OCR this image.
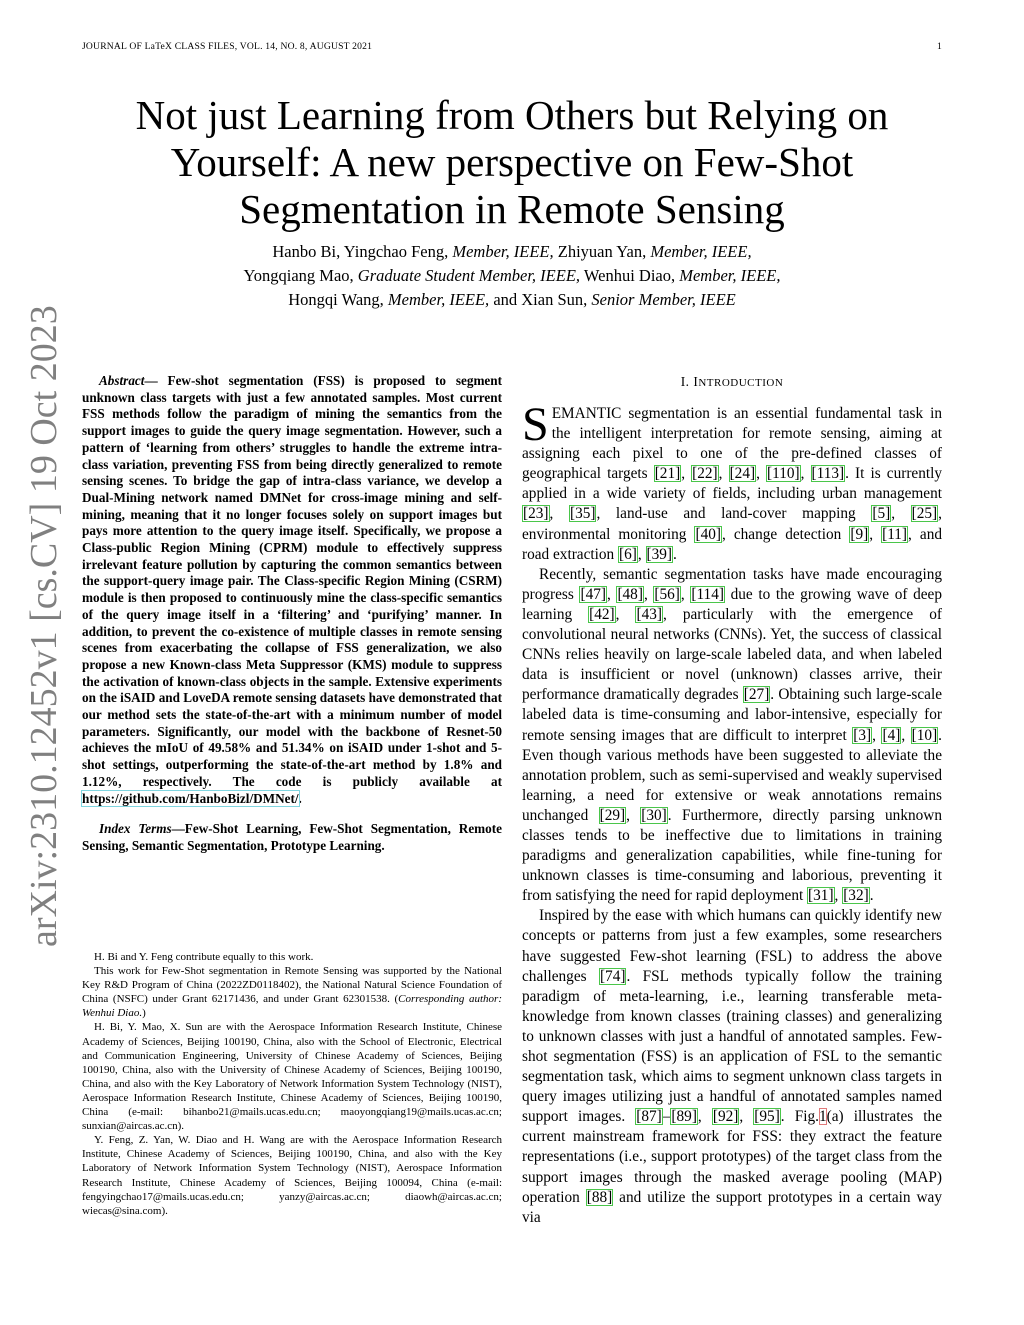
JOURNAL OF LaTeX CLASS FILES, VOL. 14, NO. 8, AUGUST 2021	1
Not just Learning from Others but Relying on
Yourself: A new perspective on Few-Shot
Segmentation in Remote Sensing
Hanbo Bi, Yingchao Feng, Member, IEEE, Zhiyuan Yan, Member, IEEE,
Yongqiang Mao, Graduate Student Member, IEEE, Wenhui Diao, Member, IEEE,
Hongqi Wang, Member, IEEE, and Xian Sun, Senior Member, IEEE
arXiv:2310.12452v1 [cs.CV] 19 Oct 2023	Abstract— Few-shot segmentation (FSS) is proposed to segment unknown class targets with just a few annotated samples. Most current FSS methods follow the paradigm of mining the semantics from the support images to guide the query image segmentation. However, such a pattern of ‘learning from others’ struggles to handle the extreme intra-class variation, preventing FSS from being directly generalized to remote sensing scenes. To bridge the gap of intra-class variance, we develop a Dual-Mining network named DMNet for cross-image mining and self-mining, meaning that it no longer focuses solely on support images but pays more attention to the query image itself. Specifically, we propose a Class-public Region Mining (CPRM) module to effectively suppress irrelevant feature pollution by capturing the common semantics between the support-query image pair. The Class-specific Region Mining (CSRM) module is then proposed to continuously mine the class-specific semantics of the query image itself in a ‘filtering’ and ‘purifying’ manner. In addition, to prevent the co-existence of multiple classes in remote sensing scenes from exacerbating the collapse of FSS generalization, we also propose a new Known-class Meta Suppressor (KMS) module to suppress the activation of known-class objects in the sample. Extensive experiments on the iSAID and LoveDA remote sensing datasets have demonstrated that our method sets the state-of-the-art with a minimum number of model parameters. Significantly, our model with the backbone of Resnet-50 achieves the mIoU of 49.58% and 51.34% on iSAID under 1-shot and 5-shot settings, outperforming the state-of-the-art method by 1.8% and 1.12%, respectively. The code is publicly available at https://github.com/HanboBizl/DMNet/.

Index Terms—Few-Shot Learning, Few-Shot Segmentation, Remote Sensing, Semantic Segmentation, Prototype Learning.

H. Bi and Y. Feng contribute equally to this work.

This work for Few-Shot segmentation in Remote Sensing was supported by the National Key R&D Program of China (2022ZD0118402), the National Natural Science Foundation of China (NSFC) under Grant 62171436, and under Grant 62301538. (Corresponding author: Wenhui Diao.)

H. Bi, Y. Mao, X. Sun are with the Aerospace Information Research Institute, Chinese Academy of Sciences, Beijing 100190, China, also with the School of Electronic, Electrical and Communication Engineering, University of Chinese Academy of Sciences, Beijing 100190, China, also with the University of Chinese Academy of Sciences, Beijing 100190, China, and also with the Key Laboratory of Network Information System Technology (NIST), Aerospace Information Research Institute, Chinese Academy of Sciences, Beijing 100190, China (e-mail: bihanbo21@mails.ucas.edu.cn; maoyongqiang19@mails.ucas.ac.cn; sunxian@aircas.ac.cn).

Y. Feng, Z. Yan, W. Diao and H. Wang are with the Aerospace Information Research Institute, Chinese Academy of Sciences, Beijing 100190, China, and also with the Key Laboratory of Network Information System Technology (NIST), Aerospace Information Research Institute, Chinese Academy of Sciences, Beijing 100094, China (e-mail: fengyingchao17@mails.ucas.edu.cn; yanzy@aircas.ac.cn; diaowh@aircas.ac.cn; wiecas@sina.com).

I. INTRODUCTION

SEMANTIC segmentation is an essential fundamental task in the intelligent interpretation for remote sensing, aiming at assigning each pixel to one of the pre-defined classes of geographical targets [21], [22], [24], [110], [113]. It is currently applied in a wide variety of fields, including urban management [23], [35], land-use and land-cover mapping [5], [25], environmental monitoring [40], change detection [9], [11], and road extraction [6], [39].

Recently, semantic segmentation tasks have made encouraging progress [47], [48], [56], [114] due to the growing wave of deep learning [42], [43], particularly with the emergence of convolutional neural networks (CNNs). Yet, the success of classical CNNs relies heavily on large-scale labeled data, and when labeled data is insufficient or novel (unknown) classes arrive, their performance dramatically degrades [27]. Obtaining such large-scale labeled data is time-consuming and labor-intensive, especially for remote sensing images that are difficult to interpret [3], [4], [10]. Even though various methods have been suggested to alleviate the annotation problem, such as semi-supervised and weakly supervised learning, a need for extensive or weak annotations remains unchanged [29], [30]. Furthermore, directly parsing unknown classes tends to be ineffective due to limitations in training paradigms and generalization capabilities, while fine-tuning for unknown classes is time-consuming and laborious, preventing it from satisfying the need for rapid deployment [31], [32].

Inspired by the ease with which humans can quickly identify new concepts or patterns from just a few examples, some researchers have suggested Few-shot learning (FSL) to address the above challenges [74]. FSL methods typically follow the training paradigm of meta-learning, i.e., learning transferable meta-knowledge from known classes (training classes) and generalizing to unknown classes with just a handful of annotated samples. Few-shot segmentation (FSS) is an application of FSL to the semantic segmentation task, which aims to segment unknown class targets in query images utilizing just a handful of annotated samples named support images. [87]–[89], [92], [95]. Fig.1(a) illustrates the current mainstream framework for FSS: they extract the feature representations (i.e., support prototypes) of the target class from the support images through the masked average pooling (MAP) operation [88] and utilize the support prototypes in a certain way via
